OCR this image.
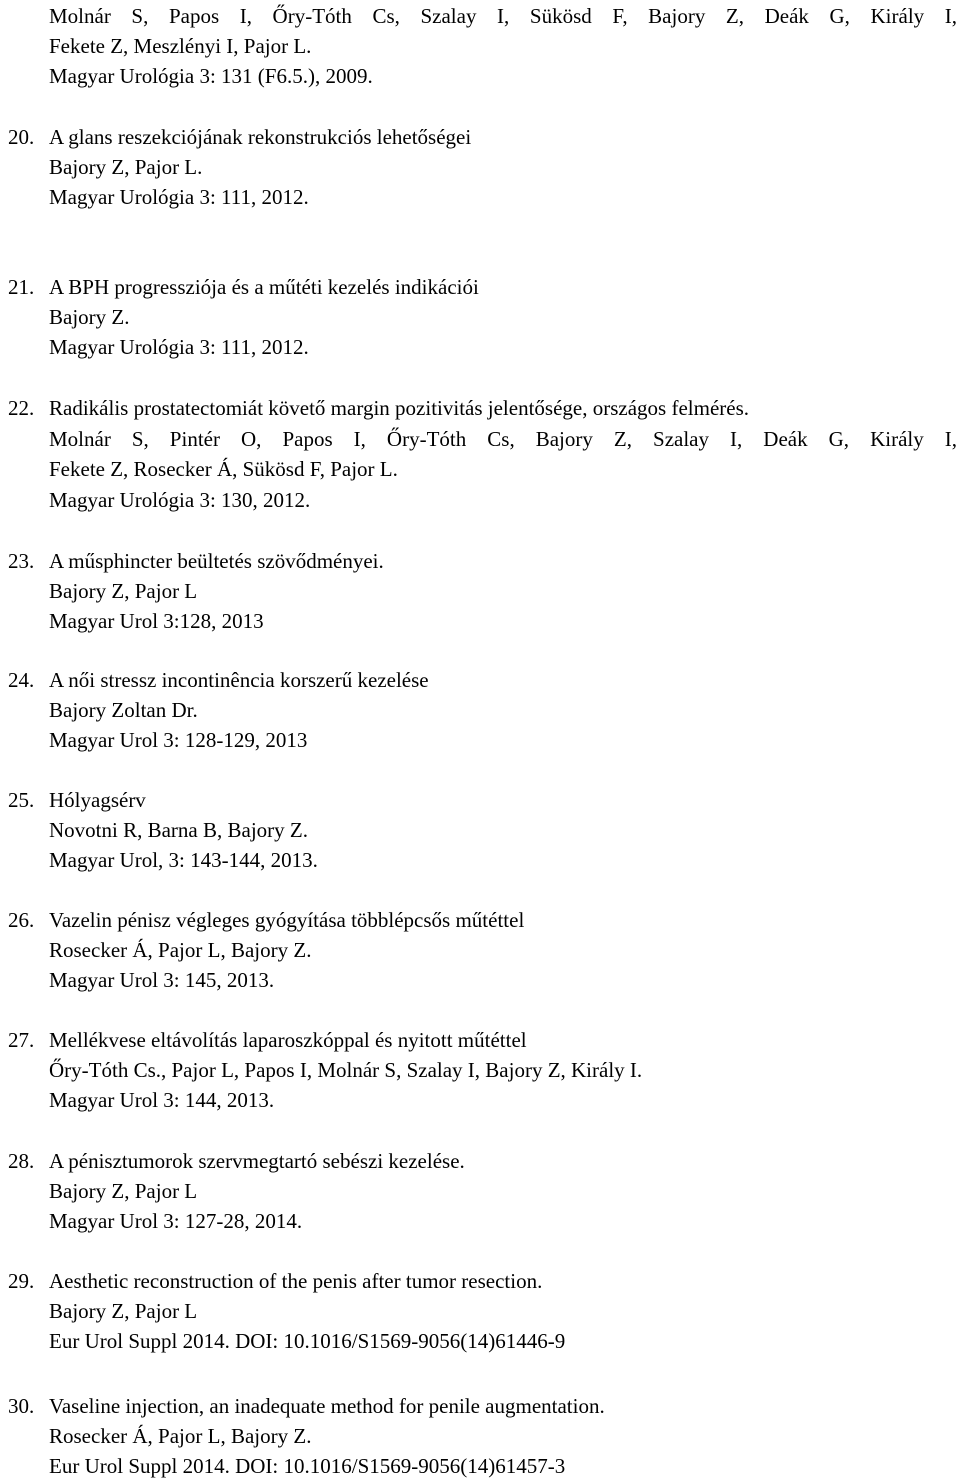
Molnár S, Papos I, Őry-Tóth Cs, Szalay I, Sükösd F, Bajory Z, Deák G, Király I,
Fekete Z, Meszlényi I, Pajor L.
Magyar Urológia 3: 131 (F6.5.), 2009.
20. A glans reszekciójának rekonstrukciós lehetőségei
Bajory Z, Pajor L.
Magyar Urológia 3: 111, 2012.
21. A BPH progressziója és a műtéti kezelés indikációi
Bajory Z.
Magyar Urológia 3: 111, 2012.
22. Radikális prostatectomiát követő margin pozitivitás jelentősége, országos felmérés.
Molnár S, Pintér O, Papos I, Őry-Tóth Cs, Bajory Z, Szalay I, Deák G, Király I,
Fekete Z, Rosecker Á, Sükösd F, Pajor L.
Magyar Urológia 3: 130, 2012.
23. A műsphincter beültetés szövődményei.
Bajory Z, Pajor L
Magyar Urol 3:128, 2013
24. A női stressz incontinência korszerű kezelése
Bajory Zoltan Dr.
Magyar Urol 3: 128-129, 2013
25. Hólyagsérv
Novotni R, Barna B, Bajory Z.
Magyar Urol, 3: 143-144, 2013.
26. Vazelin pénisz végleges gyógyítása többlépcsős műtéttel
Rosecker Á, Pajor L, Bajory Z.
Magyar Urol 3: 145, 2013.
27. Mellékvese eltávolítás laparoszkóppal és nyitott műtéttel
Őry-Tóth Cs., Pajor L, Papos I, Molnár S, Szalay I, Bajory Z, Király I.
Magyar Urol 3: 144, 2013.
28. A pénisztumorok szervmegtartó sebészi kezelése.
Bajory Z, Pajor L
Magyar Urol 3: 127-28, 2014.
29. Aesthetic reconstruction of the penis after tumor resection.
Bajory Z, Pajor L
Eur Urol Suppl 2014. DOI: 10.1016/S1569-9056(14)61446-9
30. Vaseline injection, an inadequate method for penile augmentation.
Rosecker Á, Pajor L, Bajory Z.
Eur Urol Suppl 2014. DOI: 10.1016/S1569-9056(14)61457-3
